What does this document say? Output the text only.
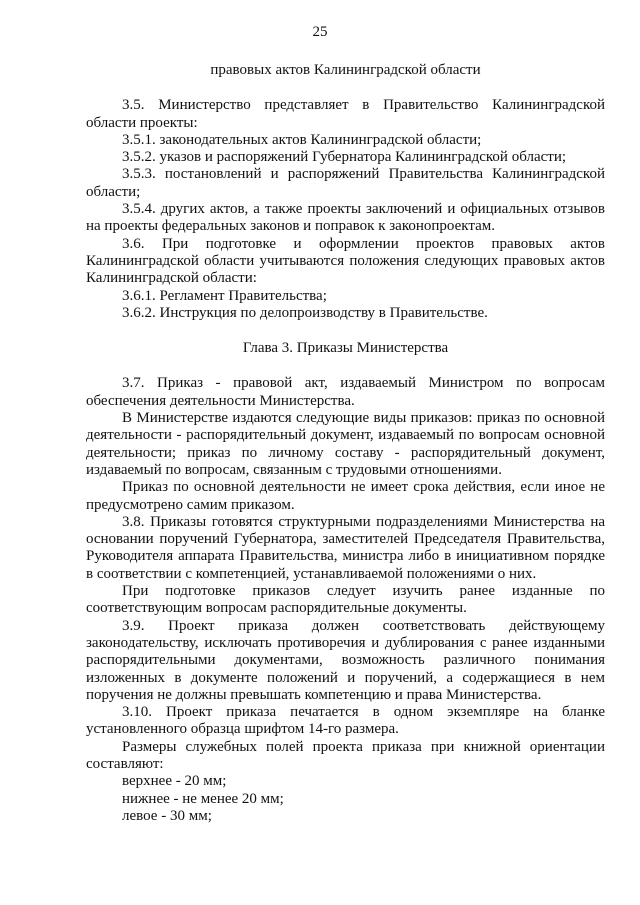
25

правовых актов Калининградской области

3.5. Министерство представляет в Правительство Калининградской области проекты:

3.5.1. законодательных актов Калининградской области;

3.5.2. указов и распоряжений Губернатора Калининградской области;

3.5.3. постановлений и распоряжений Правительства Калининградской области;

3.5.4. других актов, а также проекты заключений и официальных отзывов на проекты федеральных законов и поправок к законопроектам.

3.6. При подготовке и оформлении проектов правовых актов Калининградской области учитываются положения следующих правовых актов Калининградской области:

3.6.1. Регламент Правительства;

3.6.2. Инструкция по делопроизводству в Правительстве.

Глава 3. Приказы Министерства

3.7. Приказ - правовой акт, издаваемый Министром по вопросам обеспечения деятельности Министерства.

В Министерстве издаются следующие виды приказов: приказ по основной деятельности - распорядительный документ, издаваемый по вопросам основной деятельности; приказ по личному составу - распорядительный документ, издаваемый по вопросам, связанным с трудовыми отношениями.

Приказ по основной деятельности не имеет срока действия, если иное не предусмотрено самим приказом.

3.8. Приказы готовятся структурными подразделениями Министерства на основании поручений Губернатора, заместителей Председателя Правительства, Руководителя аппарата Правительства, министра либо в инициативном порядке в соответствии с компетенцией, устанавливаемой положениями о них.

При подготовке приказов следует изучить ранее изданные по соответствующим вопросам распорядительные документы.

3.9. Проект приказа должен соответствовать действующему законодательству, исключать противоречия и дублирования с ранее изданными распорядительными документами, возможность различного понимания изложенных в документе положений и поручений, а содержащиеся в нем поручения не должны превышать компетенцию и права Министерства.

3.10. Проект приказа печатается в одном экземпляре на бланке установленного образца шрифтом 14-го размера.

Размеры служебных полей проекта приказа при книжной ориентации составляют:

верхнее - 20 мм;

нижнее - не менее 20 мм;

левое - 30 мм;
